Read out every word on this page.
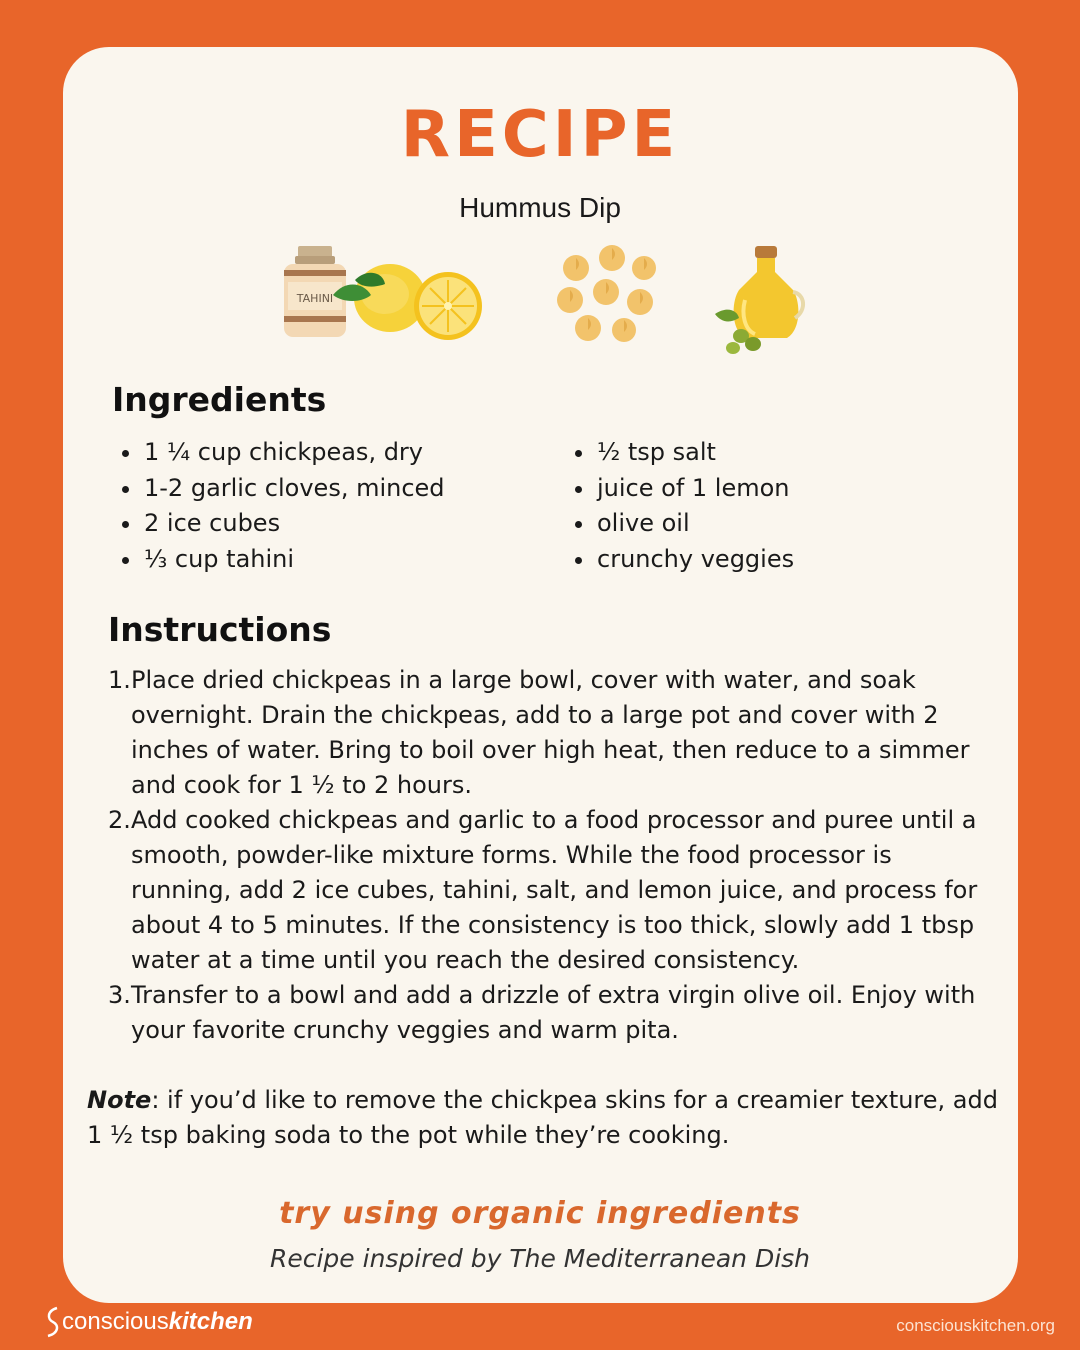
RECIPE
Hummus Dip
TAHINI
Ingredients
1 ¼ cup chickpeas, dry
1-2 garlic cloves, minced
2 ice cubes
⅓ cup tahini
½ tsp salt
juice of 1 lemon
olive oil
crunchy veggies
Instructions
1. Place dried chickpeas in a large bowl, cover with water, and soak overnight. Drain the chickpeas, add to a large pot and cover with 2 inches of water. Bring to boil over high heat, then reduce to a simmer and cook for 1 ½ to 2 hours.
2. Add cooked chickpeas and garlic to a food processor and puree until a smooth, powder-like mixture forms. While the food processor is running, add 2 ice cubes, tahini, salt, and lemon juice, and process for about 4 to 5 minutes. If the consistency is too thick, slowly add 1 tbsp water at a time until you reach the desired consistency.
3. Transfer to a bowl and add a drizzle of extra virgin olive oil. Enjoy with your favorite crunchy veggies and warm pita.

Note: if you’d like to remove the chickpea skins for a creamier texture, add 1 ½ tsp baking soda to the pot while they’re cooking.

try using organic ingredients
Recipe inspired by The Mediterranean Dish
conscious kitchen	consciouskitchen.org
